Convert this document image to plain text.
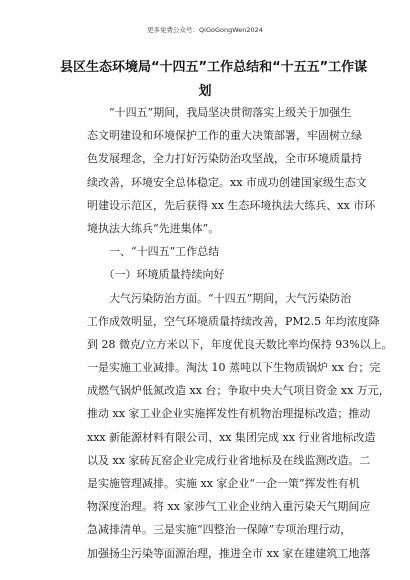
更多免费公众号：QiGoGongWen2024
县区生态环境局“十四五”工作总结和“十五五”工作谋
划
　　“十四五”期间，我局坚决贯彻落实上级关于加强生
态文明建设和环境保护工作的重大决策部署，牢固树立绿
色发展理念，全力打好污染防治攻坚战，全市环境质量持
续改善，环境安全总体稳定。xx 市成功创建国家级生态文
明建设示范区，先后获得 xx 生态环境执法大练兵、xx 市环
境执法大练兵“先进集体”。
　　一、“十四五”工作总结
　　（一）环境质量持续向好
　　大气污染防治方面。“十四五”期间，大气污染防治
工作成效明显，空气环境质量持续改善，PM2.5 年均浓度降
到 28 微克/立方米以下，年度优良天数比率均保持 93%以上。
一是实施工业减排。淘汰 10 蒸吨以下生物质锅炉 xx 台；完
成燃气锅炉低氮改造 xx 台；争取中央大气项目资金 xx 万元，
推动 xx 家工业企业实施挥发性有机物治理提标改造；推动
xxx 新能源材料有限公司、xx 集团完成 xx 行业省地标改造
以及 xx 家砖瓦窑企业完成行业省地标及在线监测改造。二
是实施管理减排。实施 xx 家企业“一企一策”挥发性有机
物深度治理。将 xx 家涉气工业企业纳入重污染天气期间应
急减排清单。三是实施“四整治一保障”专项治理行动，
加强扬尘污染等面源治理，推进全市 xx 家在建建筑工地落
